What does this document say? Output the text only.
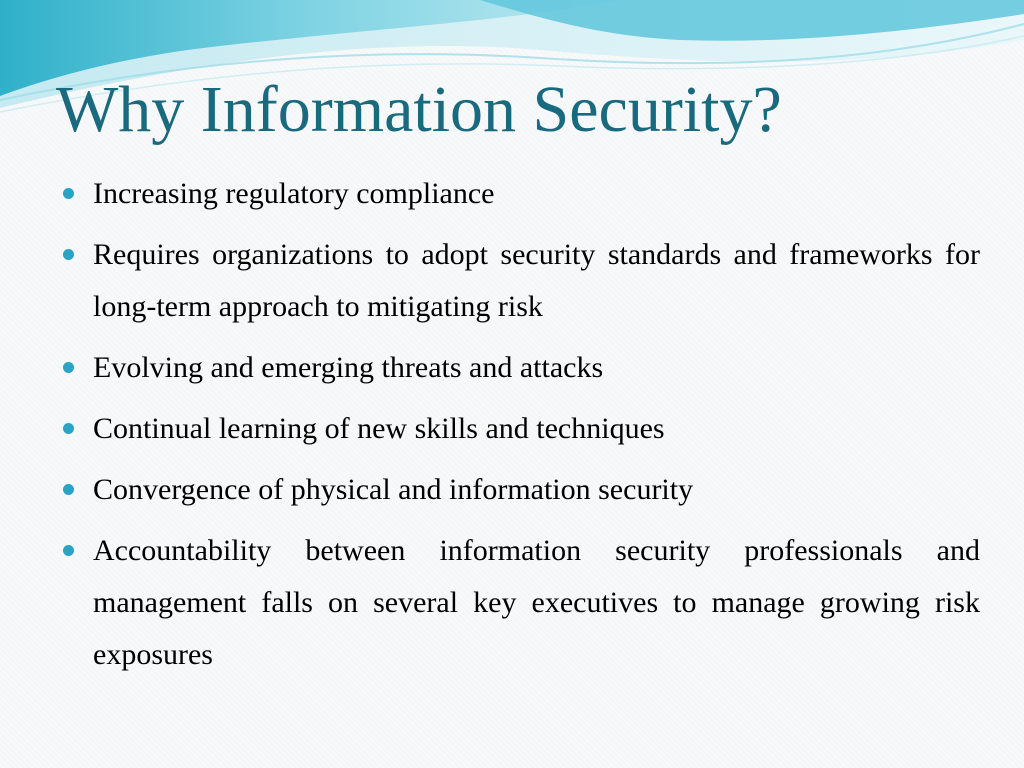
Why Information Security?
Increasing regulatory compliance
Requires organizations to adopt security standards and frameworks for long-term approach to mitigating risk
Evolving and emerging threats and attacks
Continual learning of new skills and techniques
Convergence of physical and information security
Accountability between information security professionals and management falls on several key executives to manage growing risk exposures
